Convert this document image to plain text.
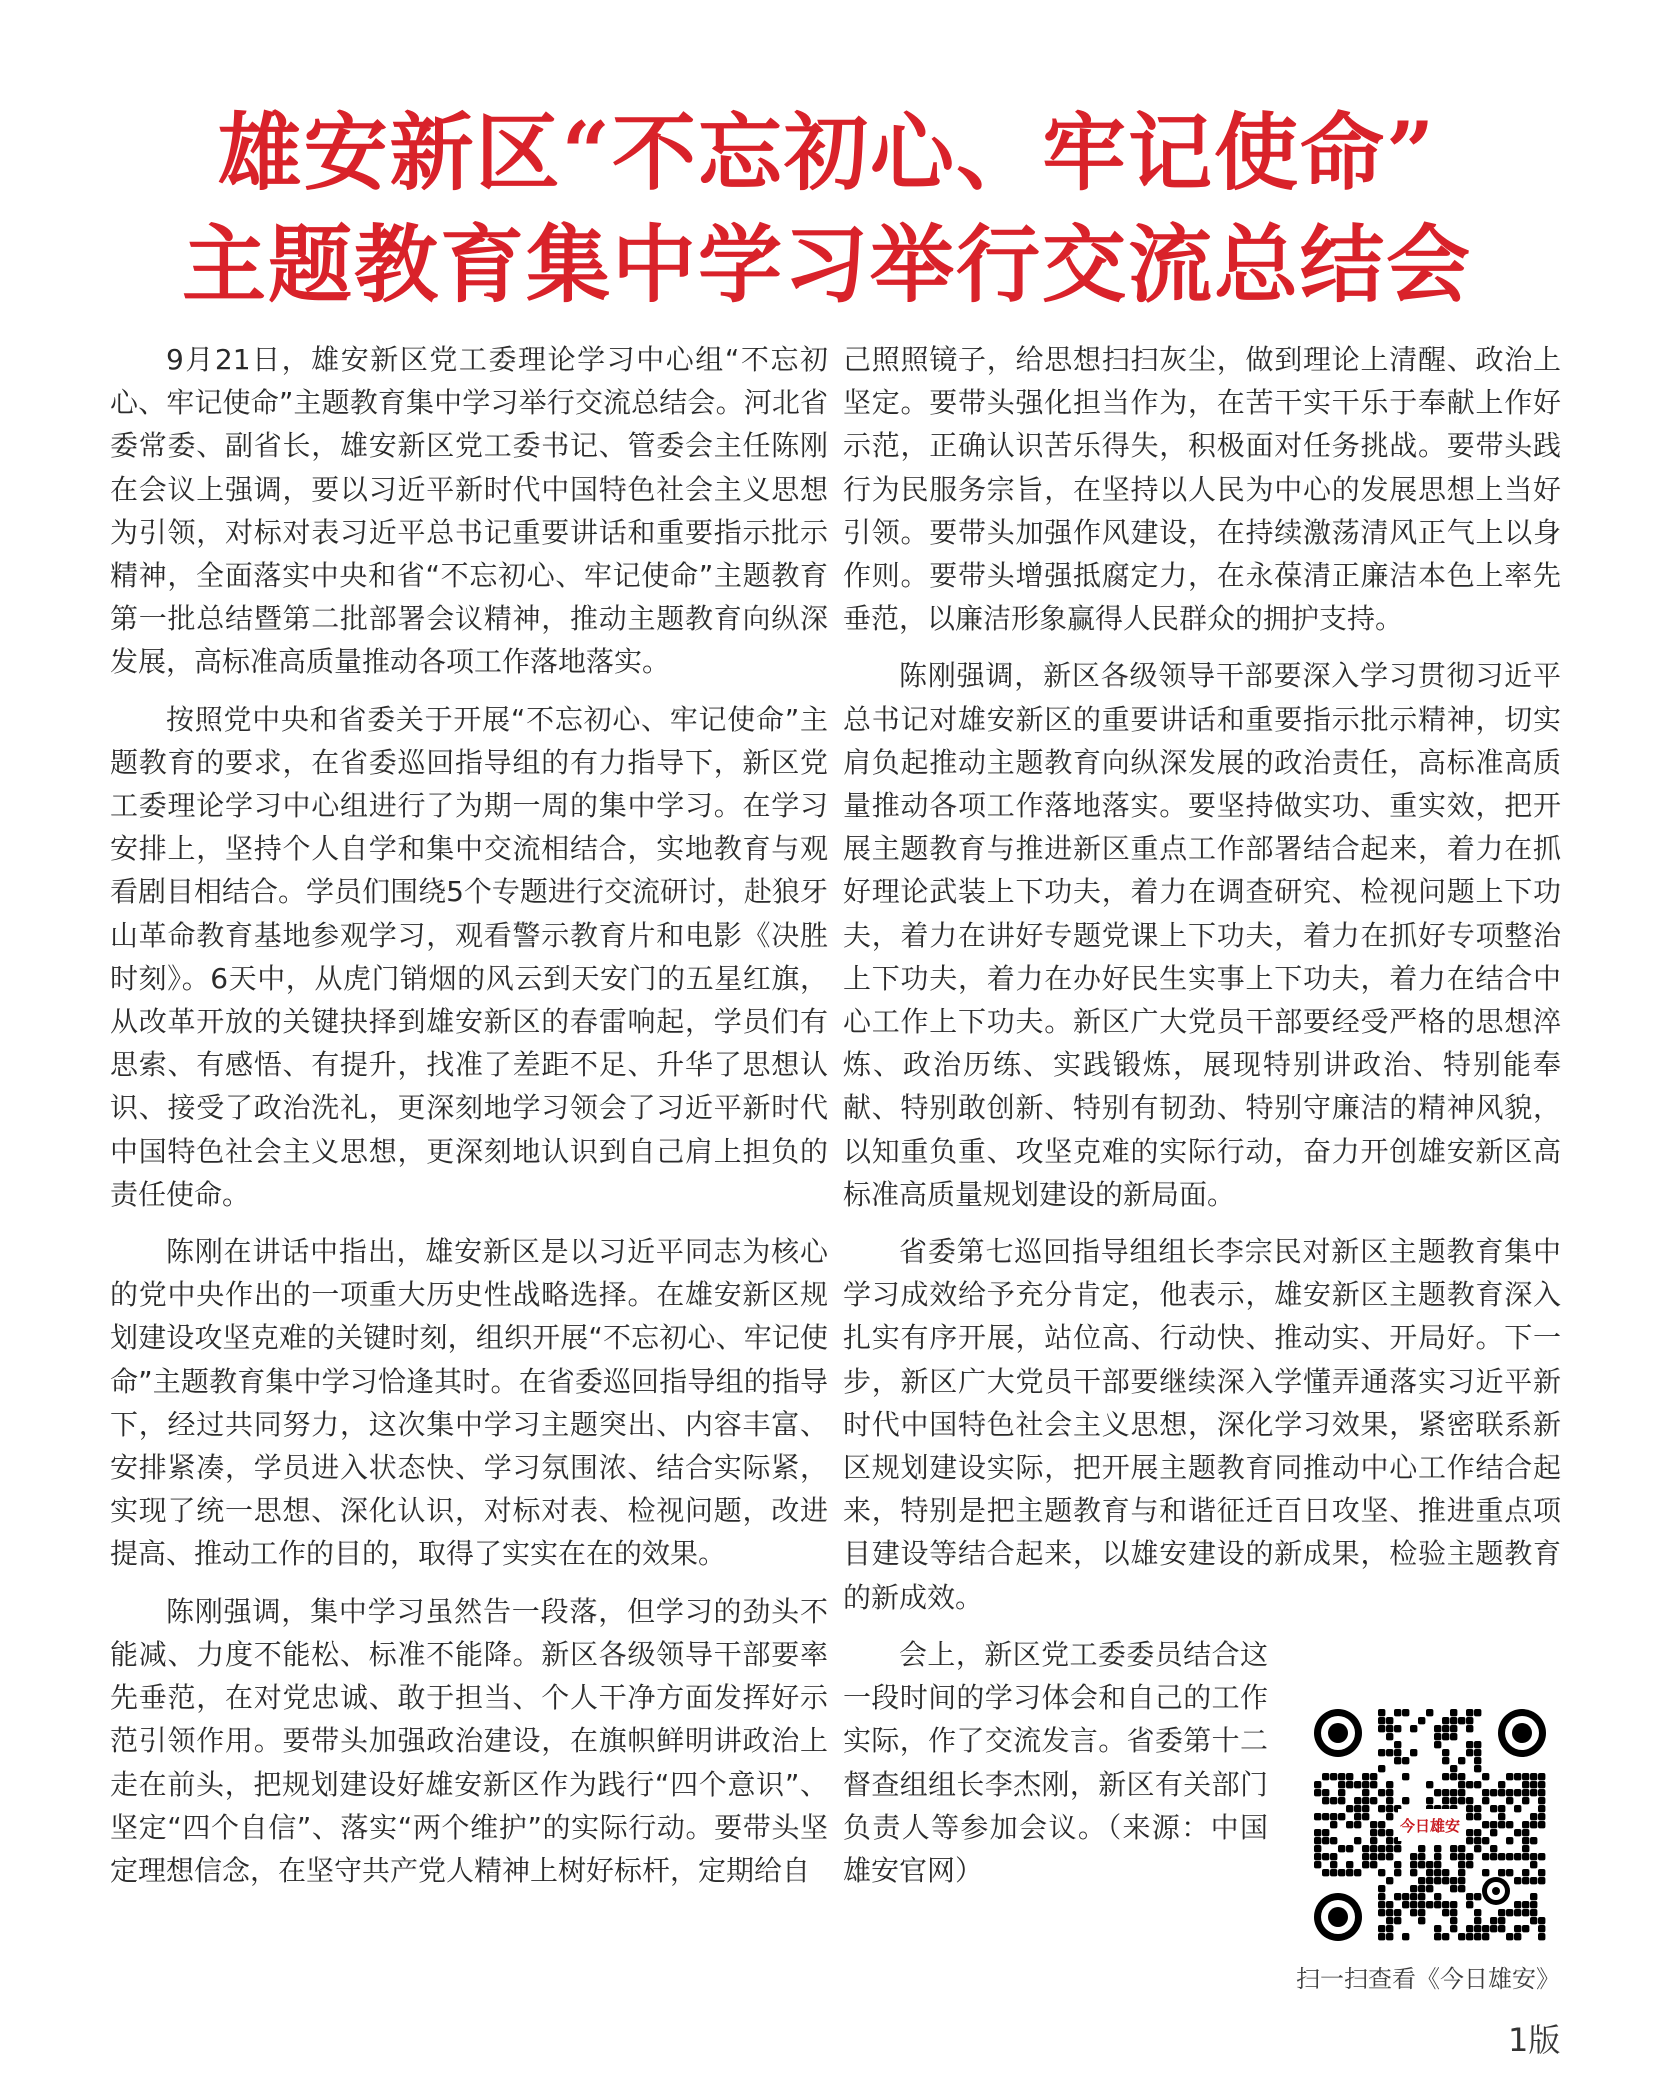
雄安新区“不忘初心、牢记使命”
主题教育集中学习举行交流总结会

9月21日，雄安新区党工委理论学习中心组“不忘初心、牢记使命”主题教育集中学习举行交流总结会。河北省委常委、副省长，雄安新区党工委书记、管委会主任陈刚在会议上强调，要以习近平新时代中国特色社会主义思想为引领，对标对表习近平总书记重要讲话和重要指示批示精神，全面落实中央和省“不忘初心、牢记使命”主题教育第一批总结暨第二批部署会议精神，推动主题教育向纵深发展，高标准高质量推动各项工作落地落实。

按照党中央和省委关于开展“不忘初心、牢记使命”主题教育的要求，在省委巡回指导组的有力指导下，新区党工委理论学习中心组进行了为期一周的集中学习。在学习安排上，坚持个人自学和集中交流相结合，实地教育与观看剧目相结合。学员们围绕5个专题进行交流研讨，赴狼牙山革命教育基地参观学习，观看警示教育片和电影《决胜时刻》。6天中，从虎门销烟的风云到天安门的五星红旗，从改革开放的关键抉择到雄安新区的春雷响起，学员们有思索、有感悟、有提升，找准了差距不足、升华了思想认识、接受了政治洗礼，更深刻地学习领会了习近平新时代中国特色社会主义思想，更深刻地认识到自己肩上担负的责任使命。

陈刚在讲话中指出，雄安新区是以习近平同志为核心的党中央作出的一项重大历史性战略选择。在雄安新区规划建设攻坚克难的关键时刻，组织开展“不忘初心、牢记使命”主题教育集中学习恰逢其时。在省委巡回指导组的指导下，经过共同努力，这次集中学习主题突出、内容丰富、安排紧凑，学员进入状态快、学习氛围浓、结合实际紧，实现了统一思想、深化认识，对标对表、检视问题，改进提高、推动工作的目的，取得了实实在在的效果。

陈刚强调，集中学习虽然告一段落，但学习的劲头不能减、力度不能松、标准不能降。新区各级领导干部要率先垂范，在对党忠诚、敢于担当、个人干净方面发挥好示范引领作用。要带头加强政治建设，在旗帜鲜明讲政治上走在前头，把规划建设好雄安新区作为践行“四个意识”、坚定“四个自信”、落实“两个维护”的实际行动。要带头坚定理想信念，在坚守共产党人精神上树好标杆，定期给自

己照照镜子，给思想扫扫灰尘，做到理论上清醒、政治上坚定。要带头强化担当作为，在苦干实干乐于奉献上作好示范，正确认识苦乐得失，积极面对任务挑战。要带头践行为民服务宗旨，在坚持以人民为中心的发展思想上当好引领。要带头加强作风建设，在持续激荡清风正气上以身作则。要带头增强抵腐定力，在永葆清正廉洁本色上率先垂范，以廉洁形象赢得人民群众的拥护支持。

陈刚强调，新区各级领导干部要深入学习贯彻习近平总书记对雄安新区的重要讲话和重要指示批示精神，切实肩负起推动主题教育向纵深发展的政治责任，高标准高质量推动各项工作落地落实。要坚持做实功、重实效，把开展主题教育与推进新区重点工作部署结合起来，着力在抓好理论武装上下功夫，着力在调查研究、检视问题上下功夫，着力在讲好专题党课上下功夫，着力在抓好专项整治上下功夫，着力在办好民生实事上下功夫，着力在结合中心工作上下功夫。新区广大党员干部要经受严格的思想淬炼、政治历练、实践锻炼，展现特别讲政治、特别能奉献、特别敢创新、特别有韧劲、特别守廉洁的精神风貌，以知重负重、攻坚克难的实际行动，奋力开创雄安新区高标准高质量规划建设的新局面。

省委第七巡回指导组组长李宗民对新区主题教育集中学习成效给予充分肯定，他表示，雄安新区主题教育深入扎实有序开展，站位高、行动快、推动实、开局好。下一步，新区广大党员干部要继续深入学懂弄通落实习近平新时代中国特色社会主义思想，深化学习效果，紧密联系新区规划建设实际，把开展主题教育同推动中心工作结合起来，特别是把主题教育与和谐征迁百日攻坚、推进重点项目建设等结合起来，以雄安建设的新成果，检验主题教育的新成效。

会上，新区党工委委员结合这一段时间的学习体会和自己的工作实际，作了交流发言。省委第十二督查组组长李杰刚，新区有关部门负责人等参加会议。（来源：中国雄安官网）

今日雄安
扫一扫查看《今日雄安》
1版
